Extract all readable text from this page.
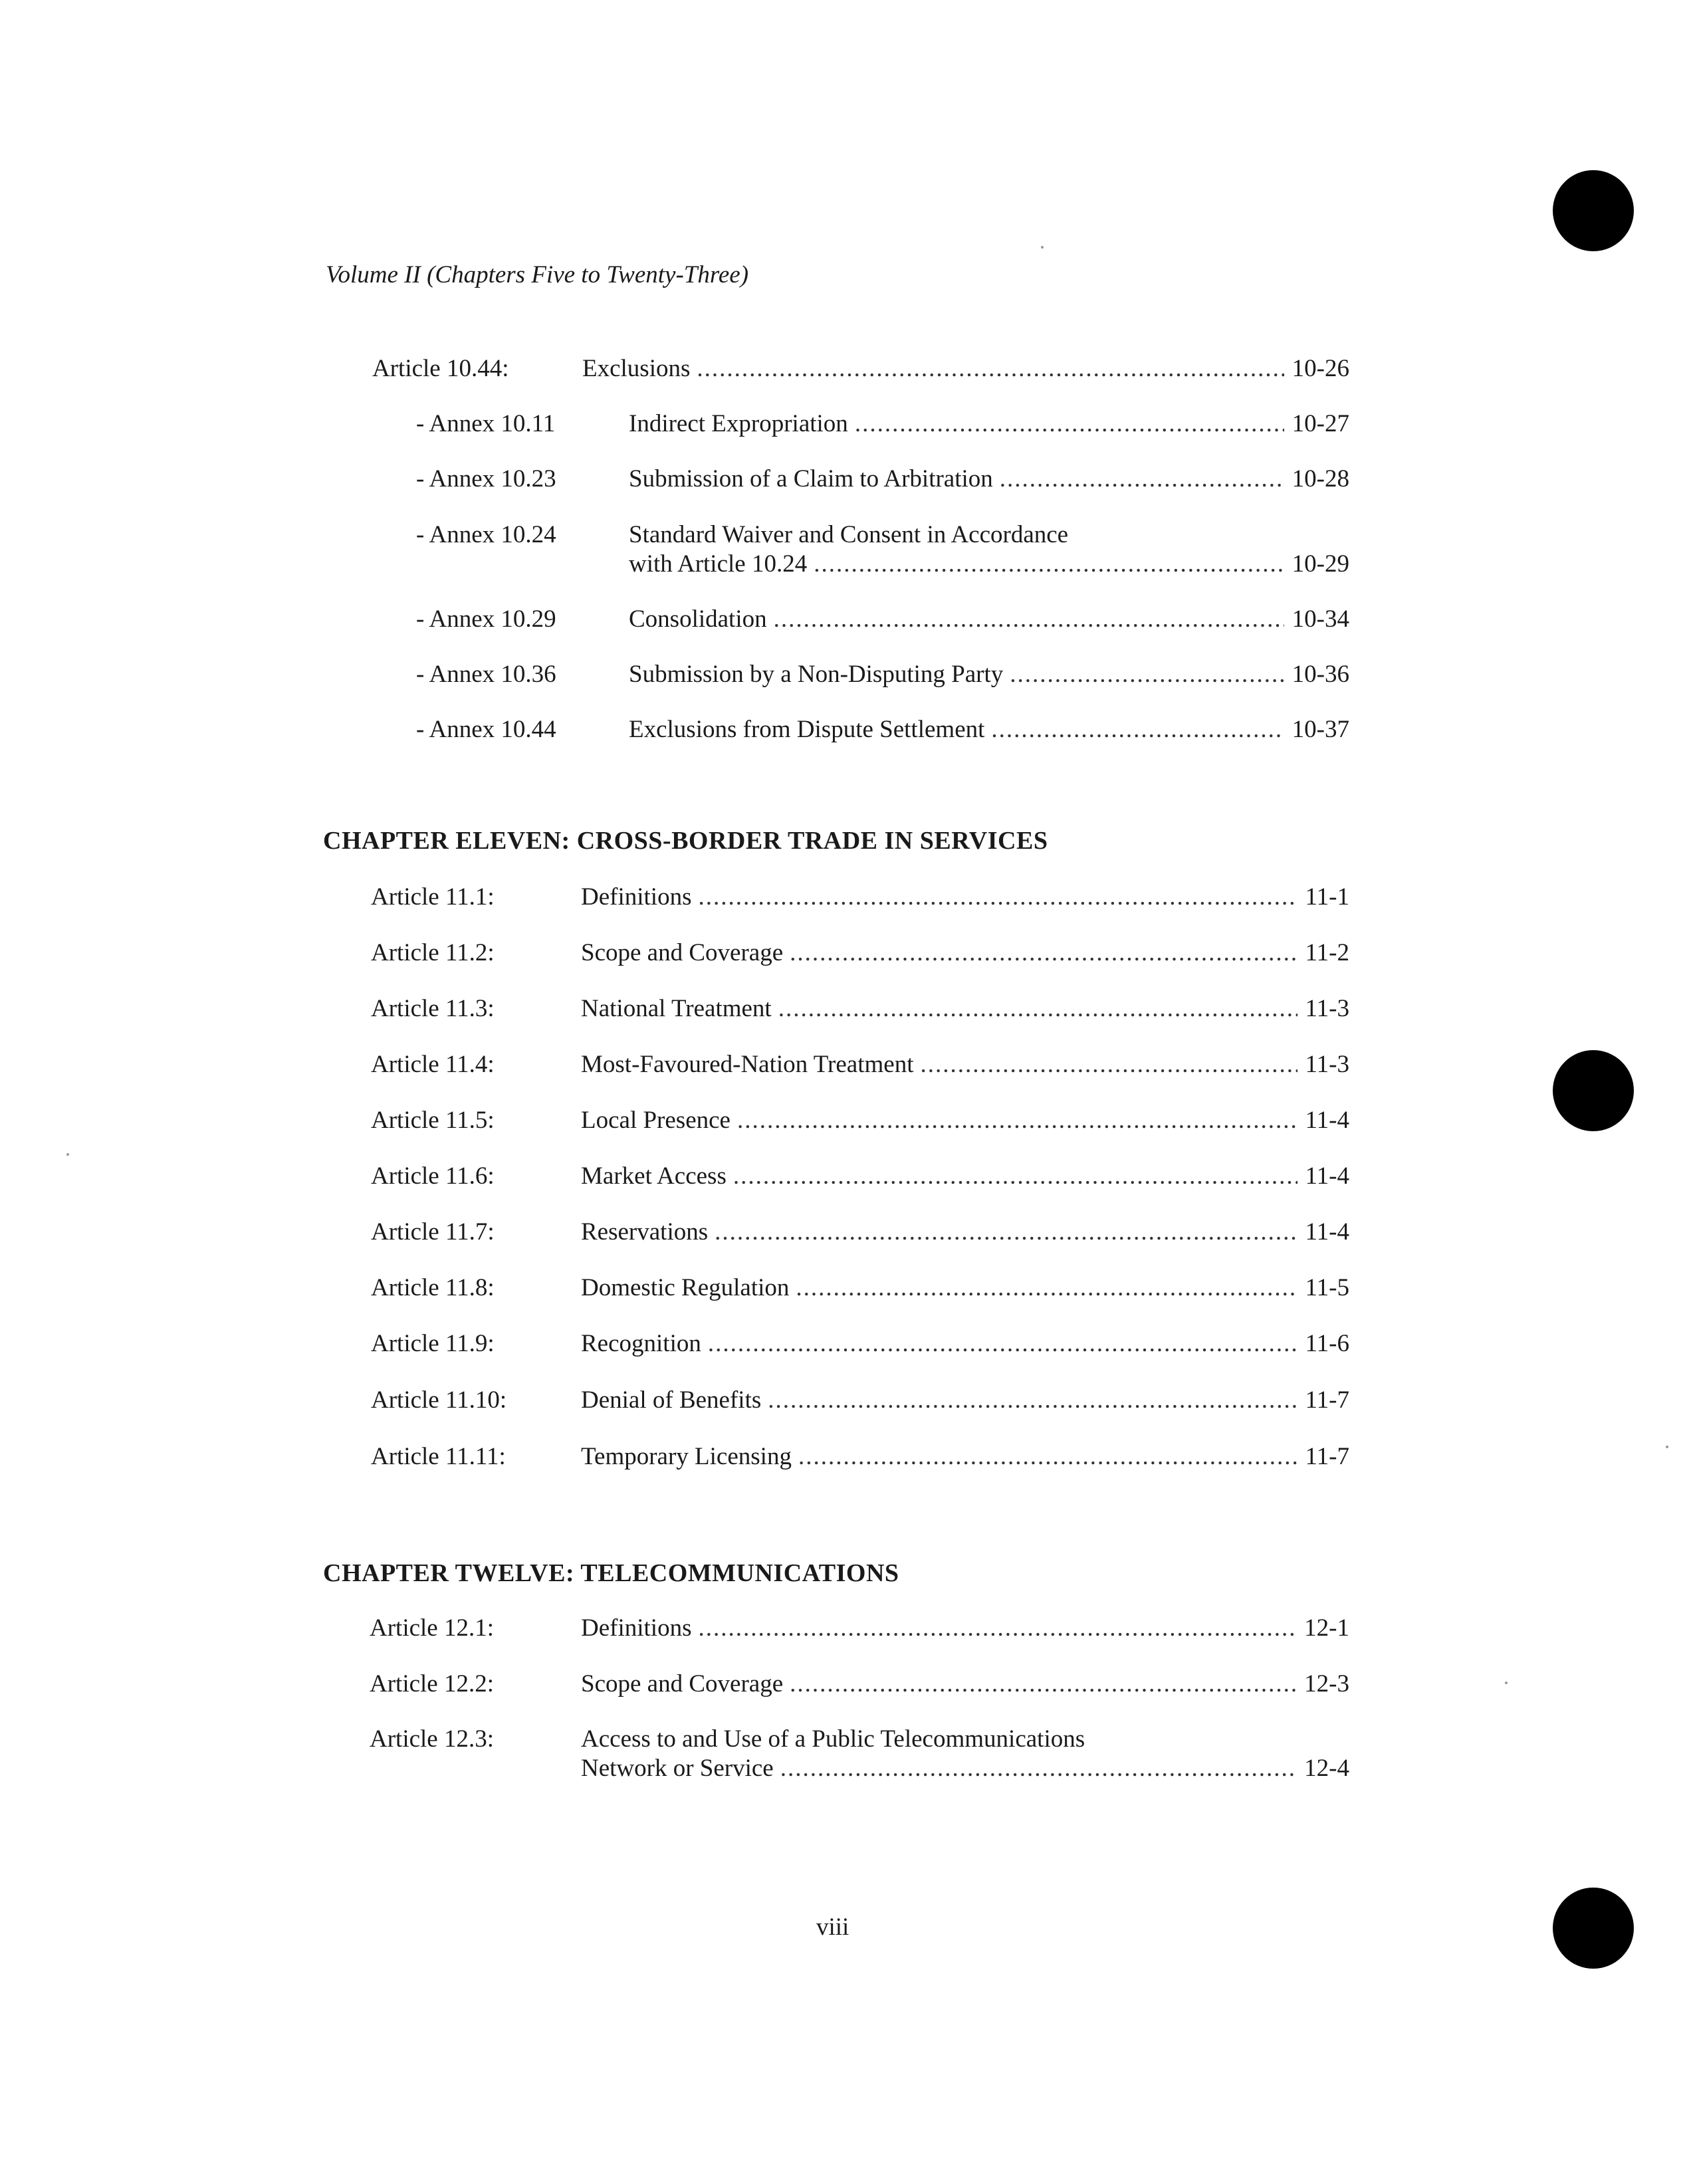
Volume II (Chapters Five to Twenty-Three)
Article 10.44:	Exclusions .....	10-26
- Annex 10.11	Indirect Expropriation .....	10-27
- Annex 10.23	Submission of a Claim to Arbitration .....	10-28
- Annex 10.24	Standard Waiver and Consent in Accordance
with Article 10.24 .....	10-29
- Annex 10.29	Consolidation .....	10-34
- Annex 10.36	Submission by a Non-Disputing Party .....	10-36
- Annex 10.44	Exclusions from Dispute Settlement .....	10-37
CHAPTER ELEVEN: CROSS-BORDER TRADE IN SERVICES
Article 11.1:	Definitions .....	11-1
Article 11.2:	Scope and Coverage .....	11-2
Article 11.3:	National Treatment .....	11-3
Article 11.4:	Most-Favoured-Nation Treatment .....	11-3
Article 11.5:	Local Presence .....	11-4
Article 11.6:	Market Access .....	11-4
Article 11.7:	Reservations .....	11-4
Article 11.8:	Domestic Regulation .....	11-5
Article 11.9:	Recognition .....	11-6
Article 11.10:	Denial of Benefits .....	11-7
Article 11.11:	Temporary Licensing .....	11-7
CHAPTER TWELVE: TELECOMMUNICATIONS
Article 12.1:	Definitions .....	12-1
Article 12.2:	Scope and Coverage .....	12-3
Article 12.3:	Access to and Use of a Public Telecommunications
Network or Service .....	12-4
viii
